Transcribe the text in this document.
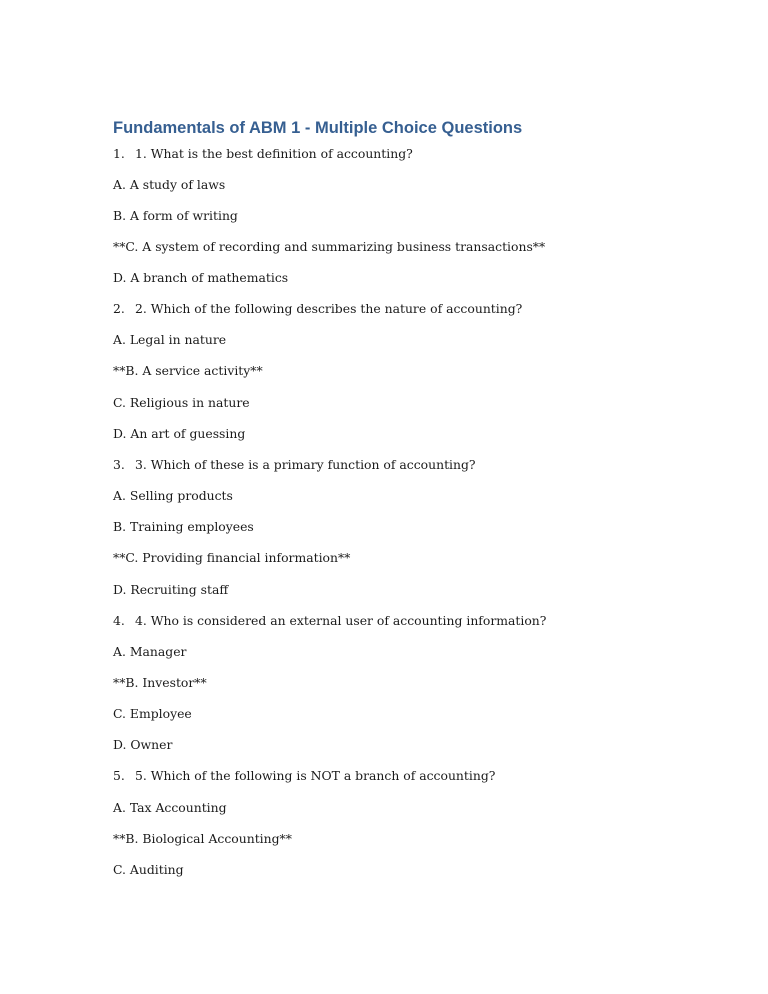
Fundamentals of ABM 1 - Multiple Choice Questions
1. 1. What is the best definition of accounting?
A. A study of laws
B. A form of writing
**C. A system of recording and summarizing business transactions**
D. A branch of mathematics
2. 2. Which of the following describes the nature of accounting?
A. Legal in nature
**B. A service activity**
C. Religious in nature
D. An art of guessing
3. 3. Which of these is a primary function of accounting?
A. Selling products
B. Training employees
**C. Providing financial information**
D. Recruiting staff
4. 4. Who is considered an external user of accounting information?
A. Manager
**B. Investor**
C. Employee
D. Owner
5. 5. Which of the following is NOT a branch of accounting?
A. Tax Accounting
**B. Biological Accounting**
C. Auditing
